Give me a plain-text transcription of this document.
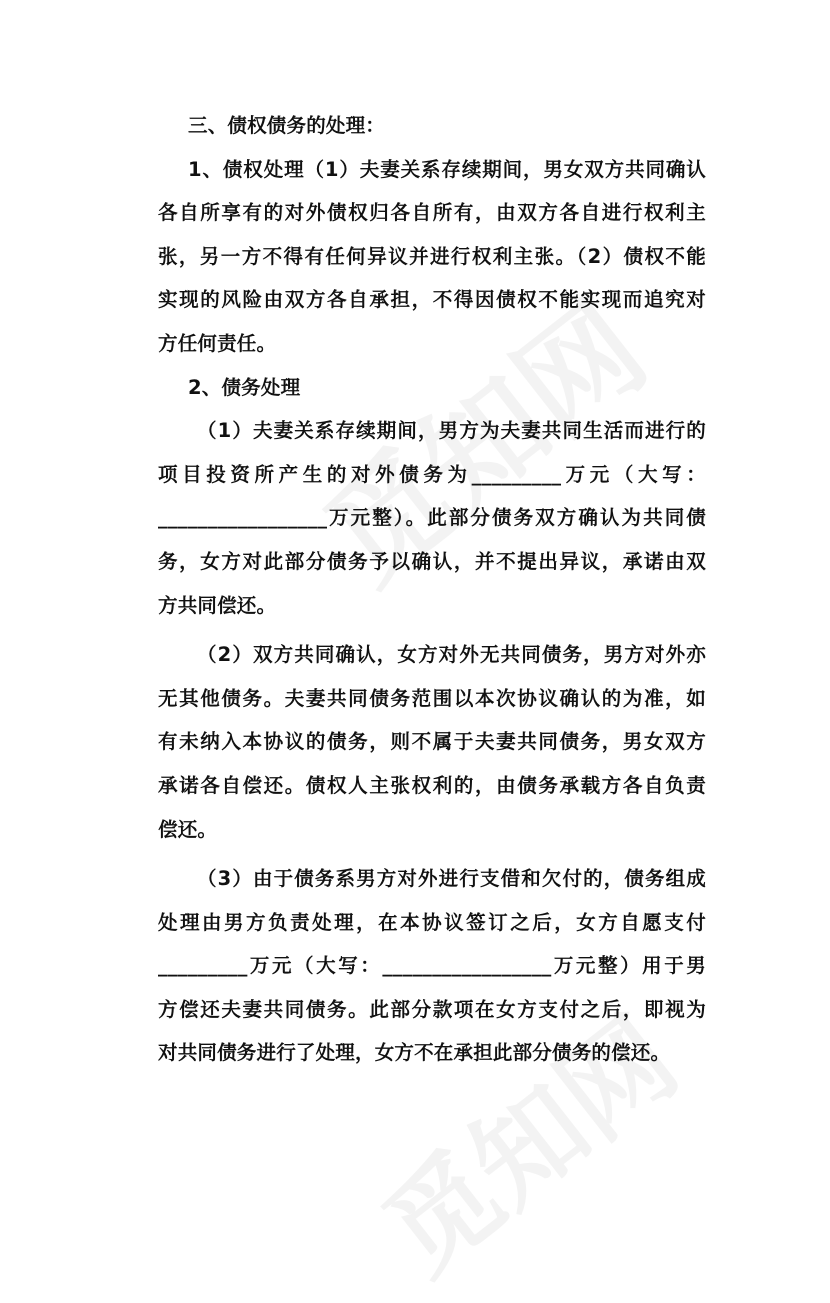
三、债权债务的处理：
1、债权处理（1）夫妻关系存续期间，男女双方共同确认
各自所享有的对外债权归各自所有，由双方各自进行权利主
张，另一方不得有任何异议并进行权利主张。（2）债权不能
实现的风险由双方各自承担，不得因债权不能实现而追究对
方任何责任。
2、债务处理
（1）夫妻关系存续期间，男方为夫妻共同生活而进行的
项目投资所产生的对外债务为_________万元（大写：
_________________万元整）。此部分债务双方确认为共同债
务，女方对此部分债务予以确认，并不提出异议，承诺由双
方共同偿还。
（2）双方共同确认，女方对外无共同债务，男方对外亦
无其他债务。夫妻共同债务范围以本次协议确认的为准，如
有未纳入本协议的债务，则不属于夫妻共同债务，男女双方
承诺各自偿还。债权人主张权利的，由债务承载方各自负责
偿还。
（3）由于债务系男方对外进行支借和欠付的，债务组成
处理由男方负责处理，在本协议签订之后，女方自愿支付
_________万元（大写：_________________万元整）用于男
方偿还夫妻共同债务。此部分款项在女方支付之后，即视为
对共同债务进行了处理，女方不在承担此部分债务的偿还。
